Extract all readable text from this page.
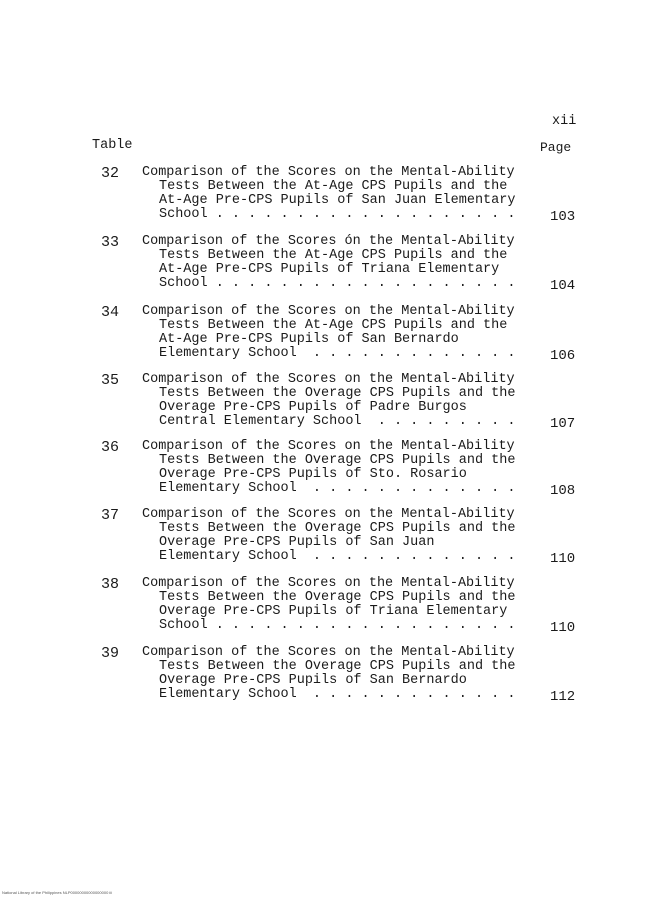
xii
Table	Page
32 Comparison of the Scores on the Mental-Ability
Tests Between the At-Age CPS Pupils and the
At-Age Pre-CPS Pupils of San Juan Elementary
School . . . . . . . . . . . . . . . . . . . 103
33 Comparison of the Scores ón the Mental-Ability
Tests Between the At-Age CPS Pupils and the
At-Age Pre-CPS Pupils of Triana Elementary
School . . . . . . . . . . . . . . . . . . . 104
34 Comparison of the Scores on the Mental-Ability
Tests Between the At-Age CPS Pupils and the
At-Age Pre-CPS Pupils of San Bernardo
Elementary School  . . . . . . . . . . . . . 106
35 Comparison of the Scores on the Mental-Ability
Tests Between the Overage CPS Pupils and the
Overage Pre-CPS Pupils of Padre Burgos
Central Elementary School  . . . . . . . . . 107
36 Comparison of the Scores on the Mental-Ability
Tests Between the Overage CPS Pupils and the
Overage Pre-CPS Pupils of Sto. Rosario
Elementary School  . . . . . . . . . . . . . 108
37 Comparison of the Scores on the Mental-Ability
Tests Between the Overage CPS Pupils and the
Overage Pre-CPS Pupils of San Juan
Elementary School  . . . . . . . . . . . . . 110
38 Comparison of the Scores on the Mental-Ability
Tests Between the Overage CPS Pupils and the
Overage Pre-CPS Pupils of Triana Elementary
School . . . . . . . . . . . . . . . . . . . 110
39 Comparison of the Scores on the Mental-Ability
Tests Between the Overage CPS Pupils and the
Overage Pre-CPS Pupils of San Bernardo
Elementary School  . . . . . . . . . . . . . 112
National Library of the Philippines NLP00000000000000000 iii
